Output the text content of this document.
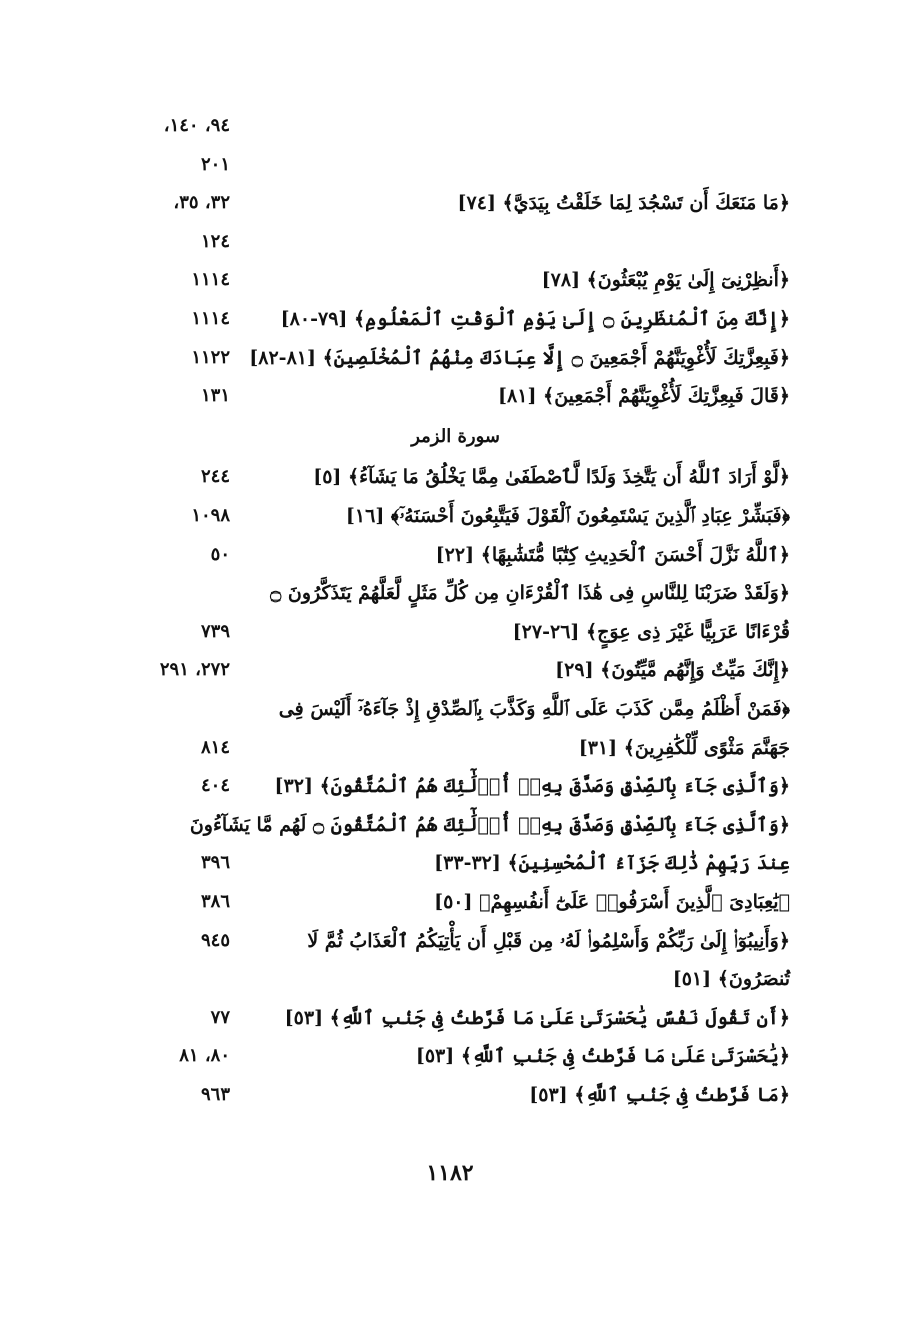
٩٤، ١٤٠،
٢٠١
﴿مَا مَنَعَكَ أَن تَسْجُدَ لِمَا خَلَقْتُ بِيَدَيَّ﴾ [٧٤]
٣٢، ٣٥،
١٢٤
﴿أَنظِرْنِىٓ إِلَىٰ يَوْمِ يُبْعَثُونَ﴾ [٧٨]
١١١٤
﴿إِنَّكَ مِنَ ٱلْمُنظَرِينَ ۝ إِلَىٰ يَوْمِ ٱلْوَقْتِ ٱلْمَعْلُومِ﴾ [٧٩-٨٠]
١١١٤
﴿فَبِعِزَّتِكَ لَأُغْوِيَنَّهُمْ أَجْمَعِينَ ۝ إِلَّا عِبَادَكَ مِنْهُمُ ٱلْمُخْلَصِينَ﴾ [٨١-٨٢]
١١٢٢
﴿قَالَ فَبِعِزَّتِكَ لَأُغْوِيَنَّهُمْ أَجْمَعِينَ﴾ [٨١]
١٣١
سورة الزمر
﴿لَّوْ أَرَادَ ٱللَّهُ أَن يَتَّخِذَ وَلَدًا لَّٱصْطَفَىٰ مِمَّا يَخْلُقُ مَا يَشَآءُ﴾ [٥]
٢٤٤
﴿فَبَشِّرْ عِبَادِ ٱلَّذِينَ يَسْتَمِعُونَ ٱلْقَوْلَ فَيَتَّبِعُونَ أَحْسَنَهُۥٓ﴾ [١٦]
١٠٩٨
﴿ٱللَّهُ نَزَّلَ أَحْسَنَ ٱلْحَدِيثِ كِتَٰبًا مُّتَشَٰبِهًا﴾ [٢٢]
٥٠
﴿وَلَقَدْ ضَرَبْنَا لِلنَّاسِ فِى هَٰذَا ٱلْقُرْءَانِ مِن كُلِّ مَثَلٍ لَّعَلَّهُمْ يَتَذَكَّرُونَ ۝
قُرْءَانًا عَرَبِيًّا غَيْرَ ذِى عِوَجٍ﴾ [٢٦-٢٧]
٧٣٩
﴿إِنَّكَ مَيِّتٌ وَإِنَّهُم مَّيِّتُونَ﴾ [٢٩]
٢٧٢، ٢٩١
﴿فَمَنْ أَظْلَمُ مِمَّن كَذَبَ عَلَى ٱللَّهِ وَكَذَّبَ بِٱلصِّدْقِ إِذْ جَآءَهُۥٓ أَلَيْسَ فِى
جَهَنَّمَ مَثْوًى لِّلْكَٰفِرِينَ﴾ [٣١]
٨١٤
﴿وَٱلَّذِى جَآءَ بِٱلصِّدْقِ وَصَدَّقَ بِهِۦٓ أُو۟لَٰٓئِكَ هُمُ ٱلْمُتَّقُونَ﴾ [٣٢]
٤٠٤
﴿وَٱلَّذِى جَآءَ بِٱلصِّدْقِ وَصَدَّقَ بِهِۦٓ أُو۟لَٰٓئِكَ هُمُ ٱلْمُتَّقُونَ ۝ لَهُم مَّا يَشَآءُونَ
عِندَ رَبِّهِمْ ذَٰلِكَ جَزَآءُ ٱلْمُحْسِنِينَ﴾ [٣٢-٣٣]
٣٩٦
﴿يَٰعِبَادِىَ ٱلَّذِينَ أَسْرَفُوا۟ عَلَىٰٓ أَنفُسِهِمْ﴾ [٥٠]
٣٨٦
﴿وَأَنِيبُوٓا۟ إِلَىٰ رَبِّكُمْ وَأَسْلِمُوا۟ لَهُۥ مِن قَبْلِ أَن يَأْتِيَكُمُ ٱلْعَذَابُ ثُمَّ لَا
٩٤٥
تُنصَرُونَ﴾ [٥١]
﴿أَن تَقُولَ نَفْسٌ يَٰحَسْرَتَىٰ عَلَىٰ مَا فَرَّطتُ فِى جَنۢبِ ٱللَّهِ﴾ [٥٣]
٧٧
﴿يَٰحَسْرَتَىٰ عَلَىٰ مَا فَرَّطتُ فِى جَنۢبِ ٱللَّهِ﴾ [٥٣]
٨٠، ٨١
﴿مَا فَرَّطتُ فِى جَنۢبِ ٱللَّهِ﴾ [٥٣]
٩٦٣
١١٨٢
